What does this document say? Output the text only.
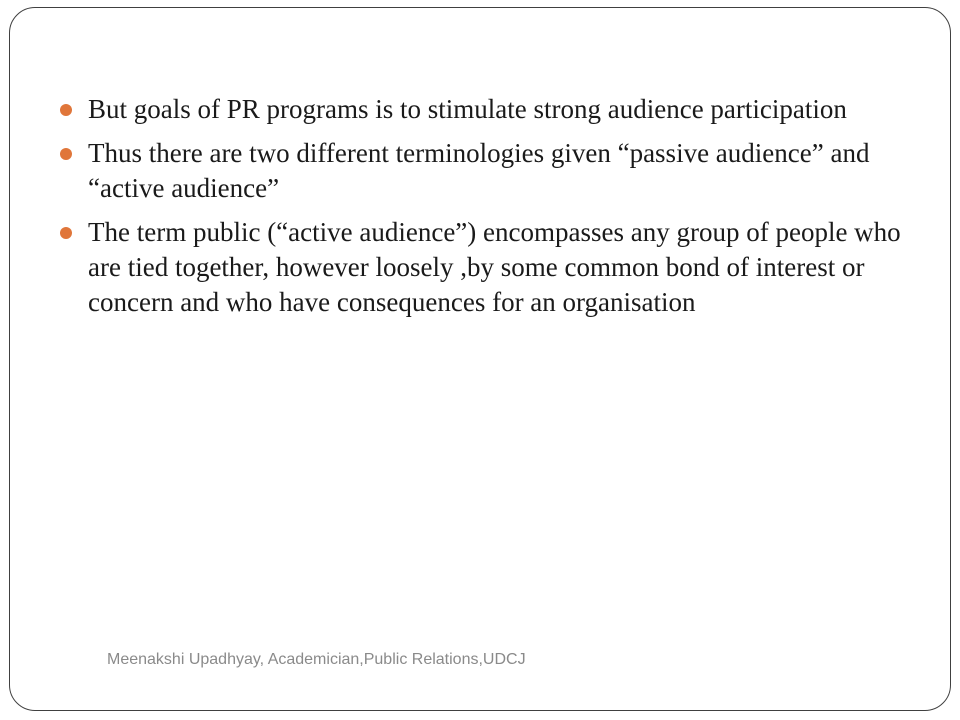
But goals of PR programs is to stimulate strong audience participation
Thus there are two different terminologies given “passive audience” and “active audience”
The term public (“active audience”) encompasses any group of people who are tied together, however loosely ,by some common bond of interest or concern and who have consequences for an organisation
Meenakshi Upadhyay, Academician,Public Relations,UDCJ
